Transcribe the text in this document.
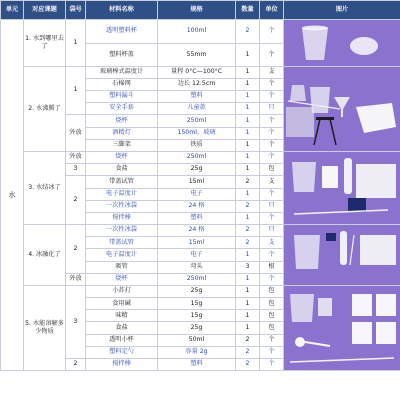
单元	对应课题	袋号	材料名称	规格	数量	单位	图片
水	1. 水到哪里去了	1	透明塑料杯	100ml	2	个	

			塑料杯盖	55mm	1	个	
	2. 水沸腾了	1	玻璃棒式温度计	量程 0°C—100°C	1	支	

			石棉网	边长 12.5cm	1	个	
			塑料漏斗	塑料	1	个	
			安全手套	儿童款	1	只	
		外放	烧杯	250ml	1	个	
			酒精灯	150ml，玻璃	1	个	
			三脚架	铁质	1	个	
	3. 水结冰了	外放	烧杯	250ml	1	个	

		3	食盐	25g	1	包	
		2	带盖试管	15ml	2	支	
			电子温度计	电子	1	个	
			一次性冰袋	24 格	2	只	
			搅拌棒	塑料	1	个	
	4. 冰融化了	2	一次性冰袋	24 格	2	只	

			带盖试管	15ml	2	支	
			电子温度计	电子	1	个	
			吸管	弯头	3	根	
		外放	烧杯	250ml	1	个	
	5. 水能溶解多少物质	3	小苏打	25g	1	包	

			食用碱	15g	1	包	
			味精	15g	1	包	
			食盐	25g	1	包	
			透明小杯	50ml	2	个	
			塑料定勺	容量 2g	2	个	
		2	搅拌棒	塑料	2	个	
